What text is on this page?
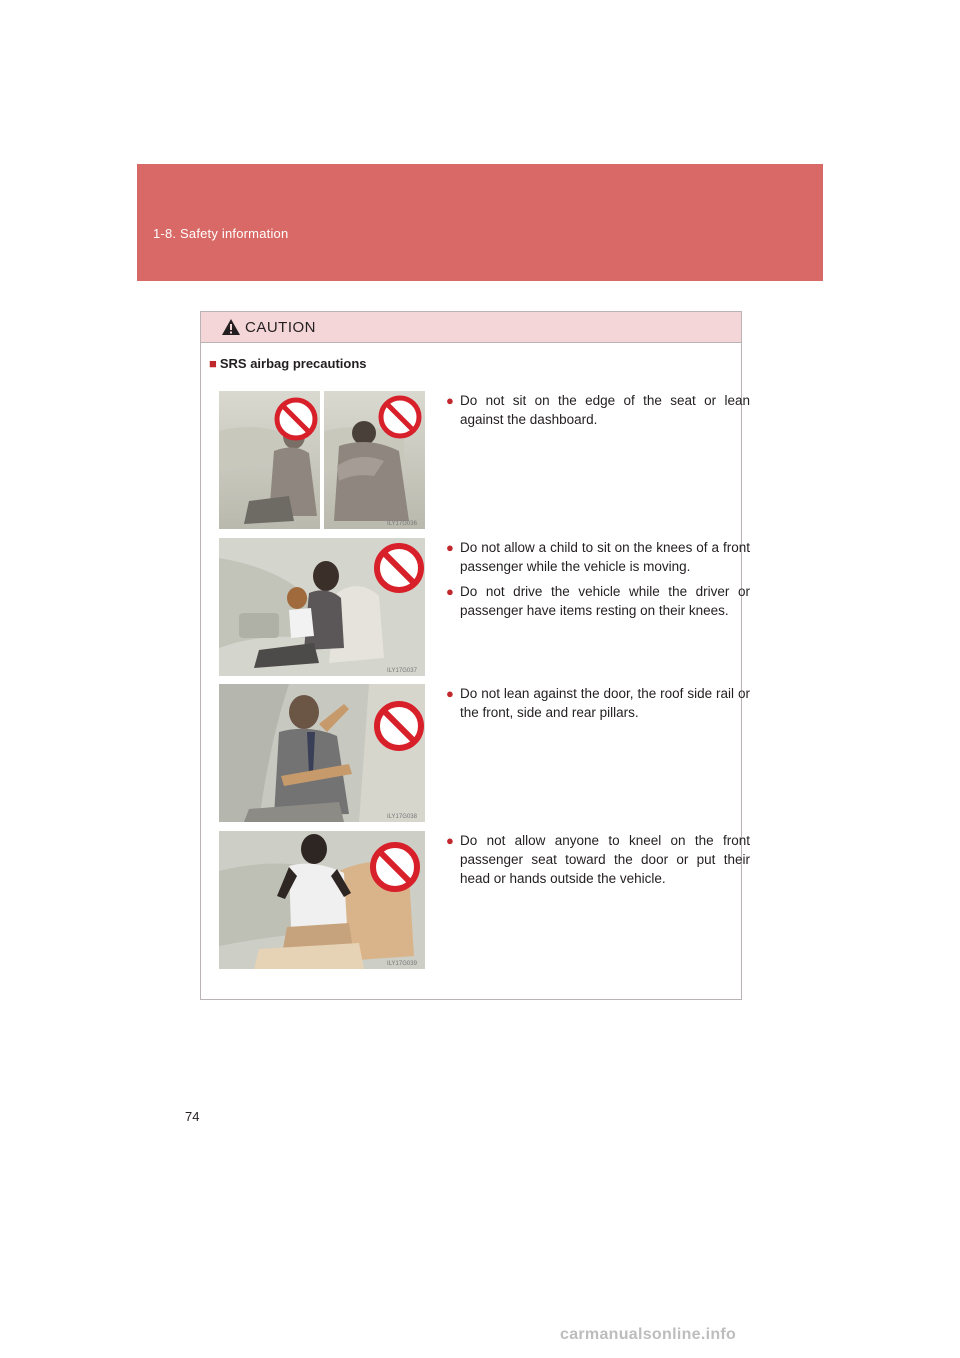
1-8. Safety information
CAUTION
■ SRS airbag precautions
ILY17G036
● Do not sit on the edge of the seat or lean against the dashboard.
ILY17G037
● Do not allow a child to sit on the knees of a front passenger while the vehicle is moving.
● Do not drive the vehicle while the driver or passenger have items resting on their knees.
ILY17G038
● Do not lean against the door, the roof side rail or the front, side and rear pillars.
ILY17G039
● Do not allow anyone to kneel on the front passenger seat toward the door or put their head or hands outside the vehicle.
74
carmanualsonline.info
